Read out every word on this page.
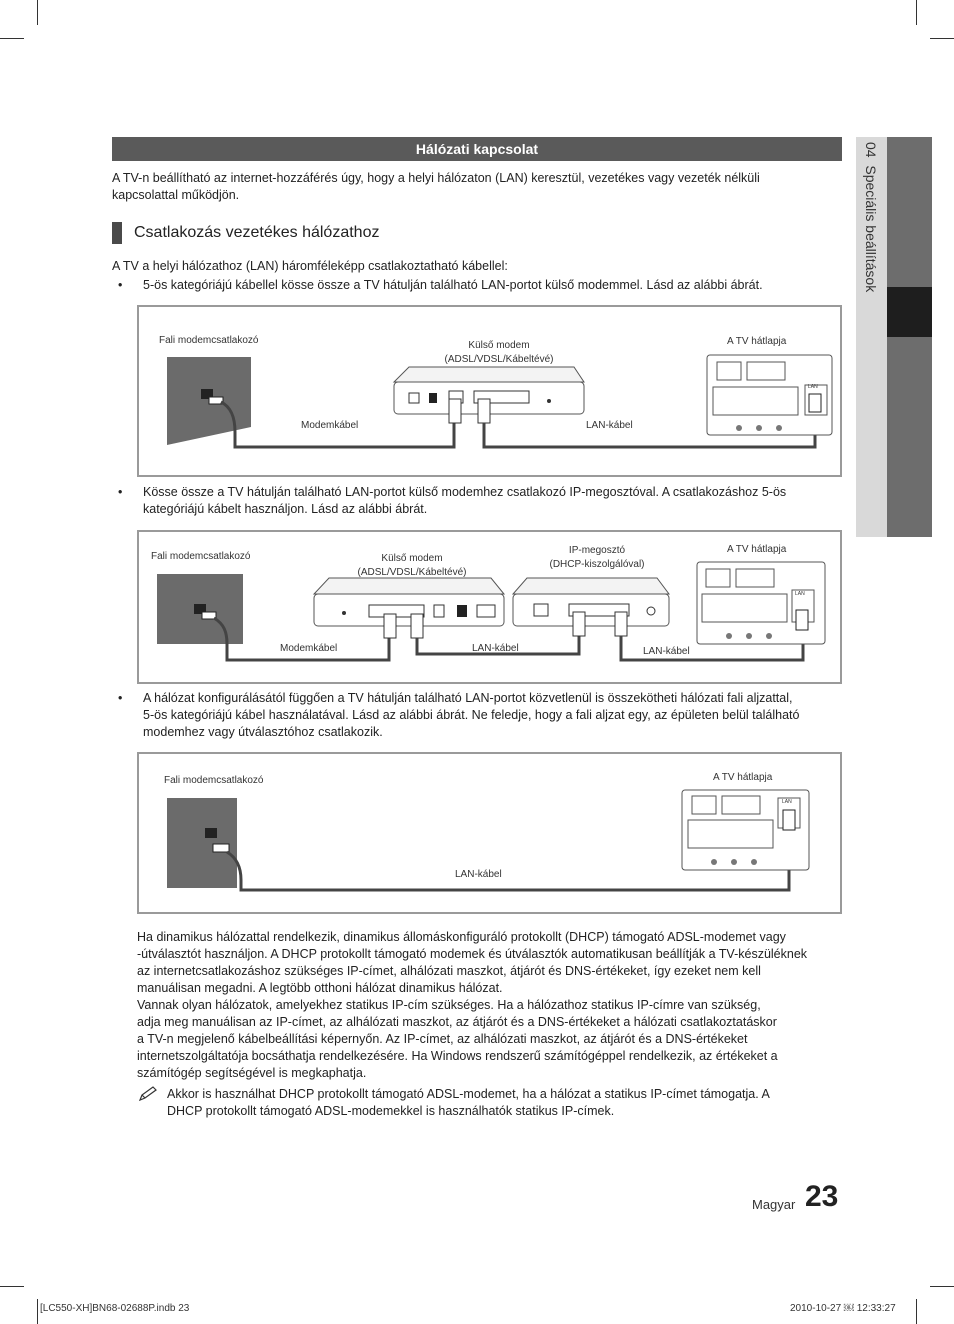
Hálózati kapcsolat
A TV-n beállítható az internet-hozzáférés úgy, hogy a helyi hálózaton (LAN) keresztül, vezetékes vagy vezeték nélküli
kapcsolattal működjön.
Csatlakozás vezetékes hálózathoz
A TV a helyi hálózathoz (LAN) háromféleképp csatlakoztatható kábellel:
• 5-ös kategóriájú kábellel kösse össze a TV hátulján található LAN-portot külső modemmel. Lásd az alábbi ábrát.
Fali modemcsatlakozó	Külső modem
(ADSL/VDSL/Kábeltévé)
A TV hátlapja
Modemkábel	LAN-kábel
LAN
• Kösse össze a TV hátulján található LAN-portot külső modemhez csatlakozó IP-megosztóval. A csatlakozáshoz 5-ös
kategóriájú kábelt használjon. Lásd az alábbi ábrát.
Fali modemcsatlakozó	Külső modem
(ADSL/VDSL/Kábeltévé)
IP-megosztó
(DHCP-kiszolgálóval)
A TV hátlapja
Modemkábel	LAN-kábel	LAN-kábel
LAN
• A hálózat konfigurálásától függően a TV hátulján található LAN-portot közvetlenül is összekötheti hálózati fali aljzattal,
5-ös kategóriájú kábel használatával. Lásd az alábbi ábrát. Ne feledje, hogy a fali aljzat egy, az épületen belül található
modemhez vagy útválasztóhoz csatlakozik.
Fali modemcsatlakozó	A TV hátlapja
LAN-kábel
LAN
Ha dinamikus hálózattal rendelkezik, dinamikus állomáskonfiguráló protokollt (DHCP) támogató ADSL-modemet vagy
-útválasztót használjon. A DHCP protokollt támogató modemek és útválasztók automatikusan beállítják a TV-készüléknek
az internetcsatlakozáshoz szükséges IP-címet, alhálózati maszkot, átjárót és DNS-értékeket, így ezeket nem kell
manuálisan megadni. A legtöbb otthoni hálózat dinamikus hálózat.
Vannak olyan hálózatok, amelyekhez statikus IP-cím szükséges. Ha a hálózathoz statikus IP-címre van szükség,
adja meg manuálisan az IP-címet, az alhálózati maszkot, az átjárót és a DNS-értékeket a hálózati csatlakoztatáskor
a TV-n megjelenő kábelbeállítási képernyőn. Az IP-címet, az alhálózati maszkot, az átjárót és a DNS-értékeket
internetszolgáltatója bocsáthatja rendelkezésére. Ha Windows rendszerű számítógéppel rendelkezik, az értékeket a
számítógép segítségével is megkaphatja.
Akkor is használhat DHCP protokollt támogató ADSL-modemet, ha a hálózat a statikus IP-címet támogatja. A
DHCP protokollt támogató ADSL-modemekkel is használhatók statikus IP-címek.
04  Speciális beállítások
Magyar 23
[LC550-XH]BN68-02688P.indb 23	2010-10-27 ￼ 12:33:27
